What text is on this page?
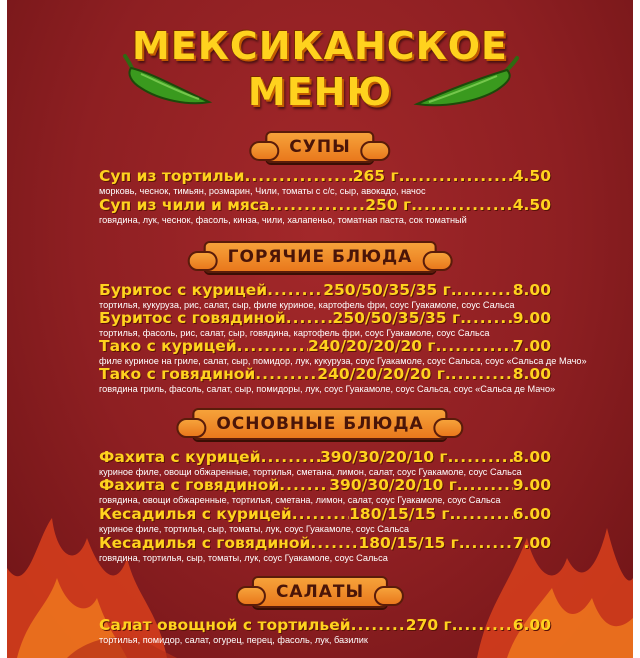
МЕКСИКАНСКОЕ
МЕНЮ
СУПЫ
Суп из тортильи .....	265 г. .....	4.50
морковь, чеснок, тимьян, розмарин, Чили, томаты с с/с, сыр, авокадо, начос
Суп из чили и мяса .....	250 г. .....	4.50
говядина, лук, чеснок, фасоль, кинза, чили, халапеньо, томатная паста, сок томатный
ГОРЯЧИЕ БЛЮДА
Буритос с курицей .....	250/50/35/35 г. .....	8.00
тортилья, кукуруза, рис, салат, сыр, филе куриное, картофель фри, соус Гуакамоле, соус Сальса
Буритос с говядиной .....	250/50/35/35 г. .....	9.00
тортилья, фасоль, рис, салат, сыр, говядина, картофель фри, соус Гуакамоле, соус Сальса
Тако с курицей .....	240/20/20/20 г. .....	7.00
филе куриное на гриле, салат, сыр, помидор, лук, кукуруза, соус Гуакамоле, соус Сальса, соус «Сальса де Мачо»
Тако с говядиной .....	240/20/20/20 г. .....	8.00
говядина гриль, фасоль, салат, сыр, помидоры, лук, соус Гуакамоле, соус Сальса, соус «Сальса де Мачо»
ОСНОВНЫЕ БЛЮДА
Фахита с курицей .....	390/30/20/10 г. .....	8.00
куриное филе, овощи обжаренные, тортилья, сметана, лимон, салат, соус Гуакамоле, соус Сальса
Фахита с говядиной .....	390/30/20/10 г. .....	9.00
говядина, овощи обжаренные, тортилья, сметана, лимон, салат, соус Гуакамоле, соус Сальса
Кесадилья с курицей .....	180/15/15 г. .....	6.00
куриное филе, тортилья, сыр, томаты, лук, соус Гуакамоле, соус Сальса
Кесадилья с говядиной .....	180/15/15 г. .....	7.00
говядина, тортилья, сыр, томаты, лук, соус Гуакамоле, соус Сальса
САЛАТЫ
Салат овощной с тортильей .....	270 г. .....	6.00
тортилья, помидор, салат, огурец, перец, фасоль, лук, базилик
